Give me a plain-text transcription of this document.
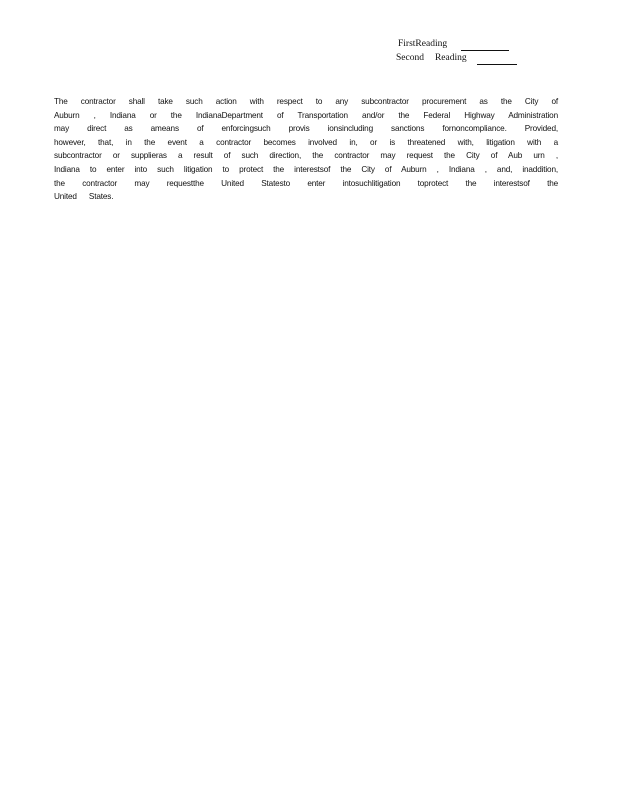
FirstReading
Second Reading
The contractor shall take such action with respect to any subcontractor procurement as the City of
Auburn , Indiana or the IndianaDepartment of Transportation and/or the Federal Highway Administration
may direct as ameans of enforcingsuch provis ionsincluding sanctions fornoncompliance. Provided,
however, that, in the event a contractor becomes involved in, or is threatened with, litigation with a
subcontractor or supplieras a result of such direction, the contractor may request the City of Aub urn ,
Indiana to enter into such litigation to protect the interestsof the City of Auburn , Indiana , and, inaddition,
the contractor may requestthe United Statesto enter intosuchlitigation toprotect the interestsof the
United States.
